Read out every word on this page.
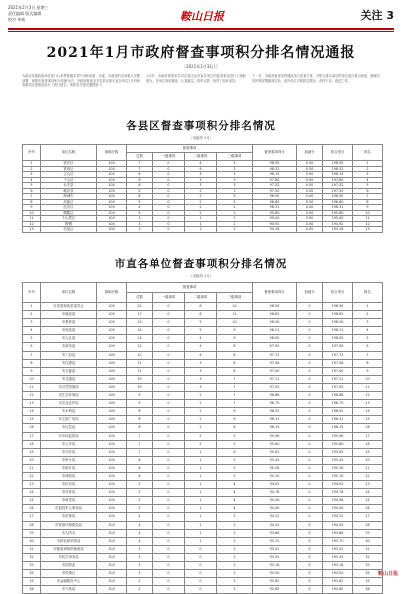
2021年2月3日 星期三
责任编辑 版式编辑
校对 审核	鞍山日报	关注 3
2021年1月市政府督查事项积分排名情况通报
（2021年1月31日）
为推动各级政府和各部门认真贯彻落实党中央和省委、市委、市政府的各项重大决策部署，根据市督查事项积分管理办法，市政府督查室对各县区和市直各单位1月份督查事项完成情况进行了统计排名，现将有关情况通报如下。
1月份，市政府督查室共对各县区及市直各单位的督查事项进行了跟踪督办，各单位高度重视，认真落实，按时反馈，取得了较好成效。
下一步，市政府督查室将继续加大督查力度，对积分排名靠后的单位进行重点督查，确保各项决策部署落到实处。请各单位对照排名情况，查找不足，改进工作。
各县区督查事项积分排名情况
（市政府 1月）
序号	单位名称	基础分数	督查事项				督查事项得分	加减分	综合得分	排名
			总数	一级事项	二级事项	三级事项				
1	铁东区	100	7	0	4	3	98.95	0.00	198.95	1
2	铁西区	100	7	0	4	3	98.52	0.00	198.52	2
3	立山区	100	6	0	3	3	98.15	0.00	198.15	3
4	千山区	100	6	0	3	3	97.80	0.00	197.80	4
5	台安县	100	6	0	3	3	97.52	0.00	197.52	5
6	岫岩县	100	5	0	2	3	97.20	0.00	197.20	6
7	海城市	100	8	0	5	3	96.95	0.00	196.95	7
8	高新区	100	5	0	2	3	96.60	0.00	196.60	8
9	经济区	100	4	0	2	2	96.31	0.00	196.31	9
10	腾鳌区	100	4	0	2	2	95.80	0.00	195.80	10
11	千山景区	100	3	0	1	2	95.40	0.00	195.40	11
12	鞍钢	100	3	0	1	2	94.92	0.00	194.92	12
13	站前区	100	3	0	1	2	94.18	0.00	194.18	13
市直各单位督查事项积分排名情况
（市政府 1月）
序号	单位名称	基础分数	督查事项				督查事项得分	加减分	综合得分	排名
			总数	一级事项	二级事项	三级事项				
1	市发展和改革委员会	100	22	0	8	14	98.94	0	198.94	1
2	市财政局	100	17	0	6	11	98.62	0	198.62	2
3	市教育局	100	15	0	5	10	98.40	0	198.40	3
4	市民政局	100	14	0	5	9	98.21	0	198.21	4
5	市人社局	100	13	0	4	9	98.05	0	198.05	5
6	市商务局	100	12	0	4	8	97.90	0	197.90	6
7	市工信局	100	12	0	4	8	97.72	0	197.72	7
8	市住建局	100	11	0	3	8	97.58	0	197.58	8
9	市卫健委	100	11	0	3	8	97.40	0	197.40	9
10	市交通局	100	10	0	3	7	97.21	0	197.21	10
11	市自然资源局	100	10	0	3	7	97.05	0	197.05	11
12	市生态环境局	100	9	0	2	7	96.88	0	196.88	12
13	市农业农村局	100	9	0	2	7	96.70	0	196.70	13
14	市水利局	100	8	0	2	6	96.52	0	196.52	14
15	市文旅广电局	100	8	0	2	6	96.31	0	196.31	15
16	市应急局	100	8	0	2	6	96.15	0	196.15	16
17	市市场监管局	100	7	0	2	5	95.98	0	195.98	17
18	市公安局	100	7	0	2	5	95.80	0	195.80	18
19	市司法局	100	7	0	1	6	95.62	0	195.62	19
20	市审计局	100	6	0	1	5	95.45	0	195.45	20
21	市统计局	100	6	0	1	5	95.28	0	195.28	21
22	市城管局	100	6	0	1	5	95.10	0	195.10	22
23	市信访局	100	5	0	1	4	94.92	0	194.92	23
24	市体育局	100	5	0	1	4	94.76	0	194.76	24
25	市科技局	100	5	0	1	4	94.58	0	194.58	25
26	市退役军人事务局	100	5	0	1	4	94.40	0	194.40	26
27	市医保局	100	4	0	1	3	94.22	0	194.22	27
28	市营商环境建设局	100	4	0	1	3	94.05	0	194.05	28
29	市人防办	100	4	0	1	3	93.88	0	193.88	29
30	市林业和草原局	100	4	0	1	3	93.70	0	193.70	30
31	市粮食和物资储备局	100	3	0	0	3	93.52	0	193.52	31
32	市机关事务局	100	3	0	0	3	93.35	0	193.35	32
33	市国资委	100	3	0	0	3	93.18	0	193.18	33
34	市供销社	100	3	0	0	3	93.00	0	193.00	34
35	市金融服务中心	100	2	0	0	2	92.82	0	192.82	35
36	市气象局	100	2	0	0	2	92.65	0	192.65	36
鞍山日报
